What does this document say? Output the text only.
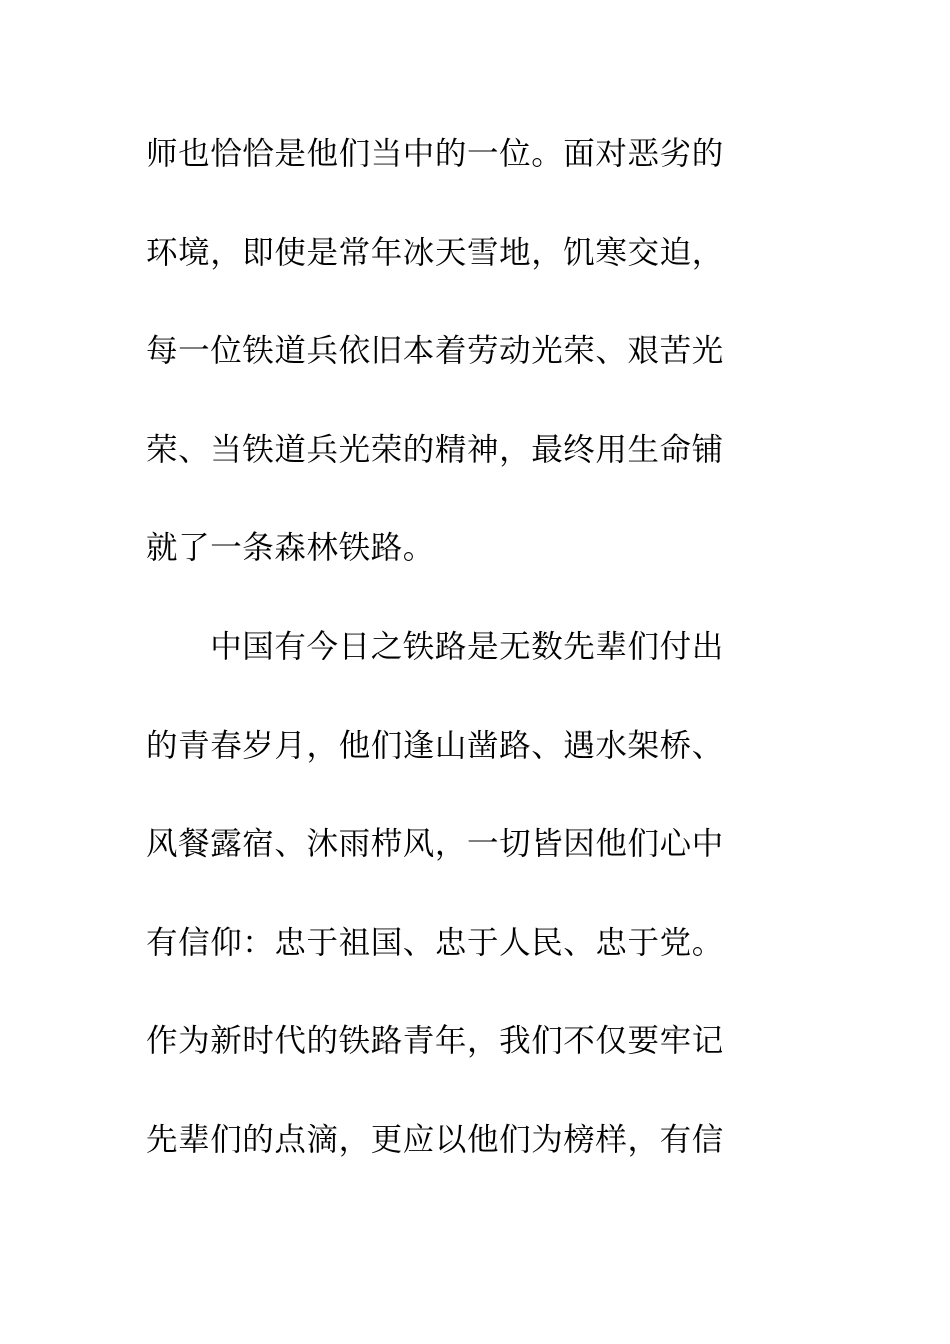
师也恰恰是他们当中的一位。面对恶劣的
环境，即使是常年冰天雪地，饥寒交迫，
每一位铁道兵依旧本着劳动光荣、艰苦光
荣、当铁道兵光荣的精神，最终用生命铺
就了一条森林铁路。
　　中国有今日之铁路是无数先辈们付出
的青春岁月，他们逢山凿路、遇水架桥、
风餐露宿、沐雨栉风，一切皆因他们心中
有信仰：忠于祖国、忠于人民、忠于党。
作为新时代的铁路青年，我们不仅要牢记
先辈们的点滴，更应以他们为榜样，有信
